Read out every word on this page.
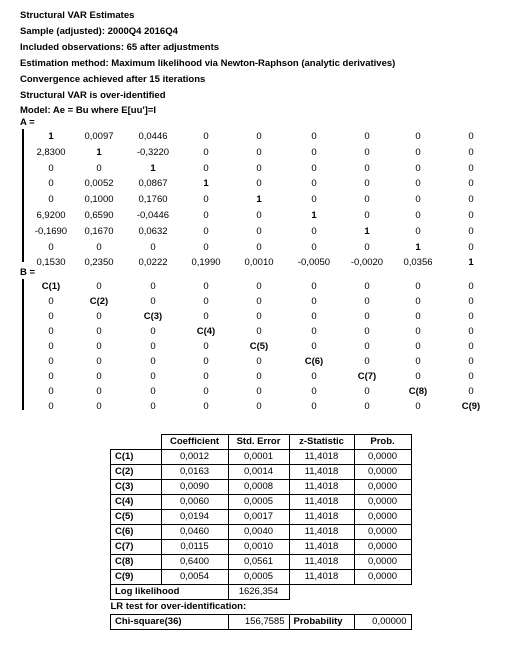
Structural VAR Estimates
Sample (adjusted): 2000Q4 2016Q4
Included observations: 65 after adjustments
Estimation method: Maximum likelihood via Newton-Raphson (analytic derivatives)
Convergence achieved after 15 iterations
Structural VAR is over-identified
Model: Ae = Bu where E[uu']=I
A =
1	0,0097	0,0446	0	0	0	0	0	0
2,8300	1	-0,3220	0	0	0	0	0	0
0	0	1	0	0	0	0	0	0
0	0,0052	0,0867	1	0	0	0	0	0
0	0,1000	0,1760	0	1	0	0	0	0
6,9200	0,6590	-0,0446	0	0	1	0	0	0
-0,1690	0,1670	0,0632	0	0	0	1	0	0
0	0	0	0	0	0	0	1	0
0,1530	0,2350	0,0222	0,1990	0,0010	-0,0050	-0,0020	0,0356	1
B =
C(1)	0	0	0	0	0	0	0	0
0	C(2)	0	0	0	0	0	0	0
0	0	C(3)	0	0	0	0	0	0
0	0	0	C(4)	0	0	0	0	0
0	0	0	0	C(5)	0	0	0	0
0	0	0	0	0	C(6)	0	0	0
0	0	0	0	0	0	C(7)	0	0
0	0	0	0	0	0	0	C(8)	0
0	0	0	0	0	0	0	0	C(9)
	Coefficient	Std. Error	z-Statistic	Prob.
C(1)	0,0012	0,0001	11,4018	0,0000
C(2)	0,0163	0,0014	11,4018	0,0000
C(3)	0,0090	0,0008	11,4018	0,0000
C(4)	0,0060	0,0005	11,4018	0,0000
C(5)	0,0194	0,0017	11,4018	0,0000
C(6)	0,0460	0,0040	11,4018	0,0000
C(7)	0,0115	0,0010	11,4018	0,0000
C(8)	0,6400	0,0561	11,4018	0,0000
C(9)	0,0054	0,0005	11,4018	0,0000
Log likelihood		1626,354		
LR test for over-identification:				
Chi-square(36)		156,7585	Probability	0,00000
